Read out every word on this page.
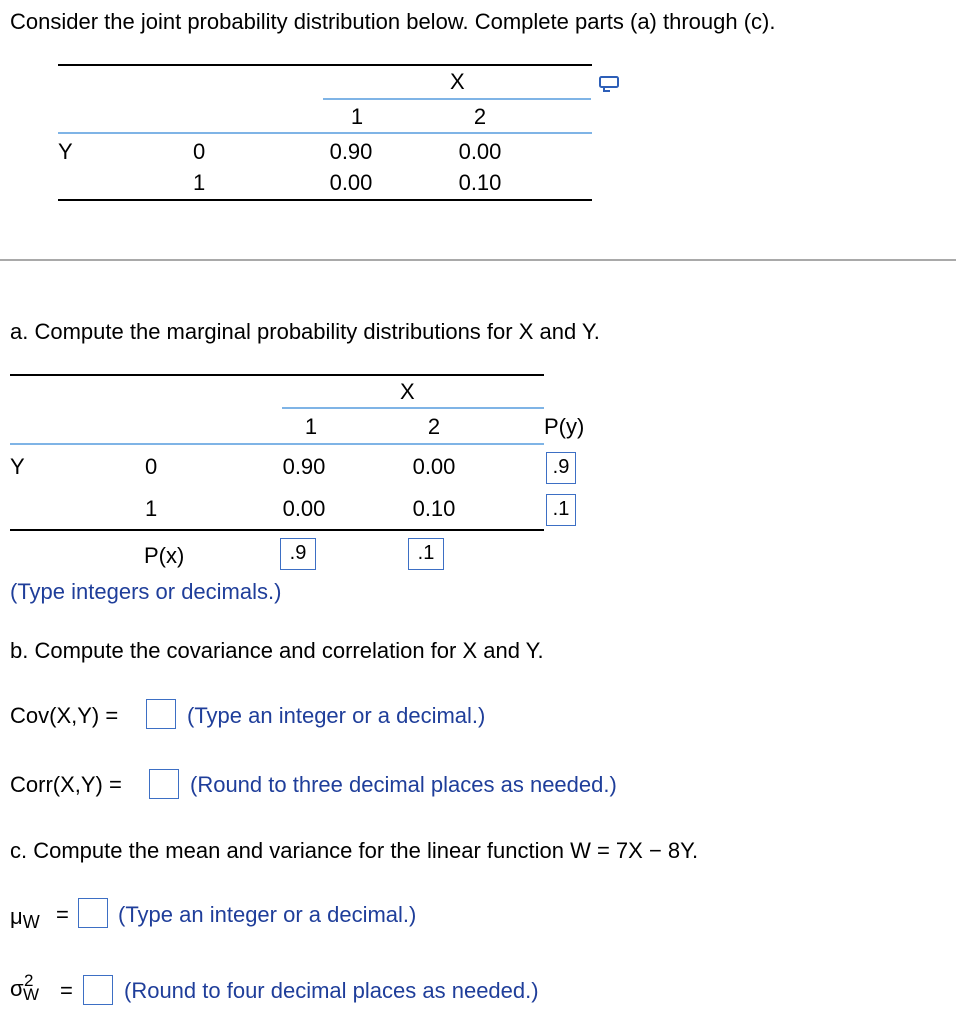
Consider the joint probability distribution below. Complete parts (a) through (c).
X
1	2
Y	0	0.90	0.00
1	0.00	0.10
a. Compute the marginal probability distributions for X and Y.
X
1	2	P(y)
Y	0	0.90	0.00	.9
1	0.00	0.10	.1
P(x)	.9	.1
(Type integers or decimals.)
b. Compute the covariance and correlation for X and Y.
Cov(X,Y) =	(Type an integer or a decimal.)
Corr(X,Y) =	(Round to three decimal places as needed.)
c. Compute the mean and variance for the linear function W = 7X − 8Y.
μW = (Type an integer or a decimal.)
σ 2
W = (Round to four decimal places as needed.)
